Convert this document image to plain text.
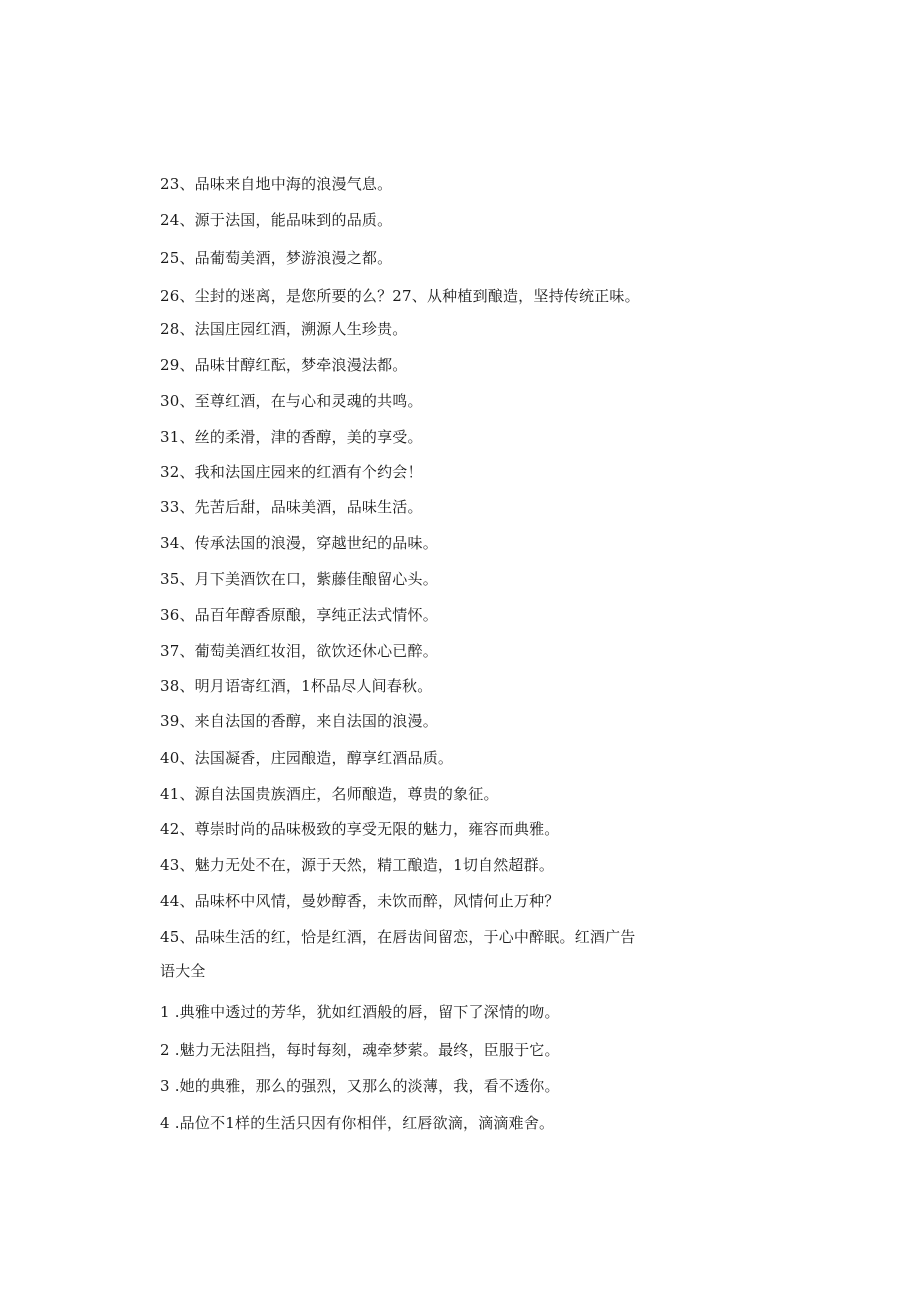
23、品味来自地中海的浪漫气息。
24、源于法国，能品味到的品质。
25、品葡萄美酒，梦游浪漫之都。
26、尘封的迷离，是您所要的么？27、从种植到酿造，坚持传统正味。
28、法国庄园红酒，溯源人生珍贵。
29、品味甘醇红酝，梦牵浪漫法都。
30、至尊红酒，在与心和灵魂的共鸣。
31、丝的柔滑，津的香醇，美的享受。
32、我和法国庄园来的红酒有个约会！
33、先苦后甜，品味美酒，品味生活。
34、传承法国的浪漫，穿越世纪的品味。
35、月下美酒饮在口，紫藤佳酿留心头。
36、品百年醇香原酿，享纯正法式情怀。
37、葡萄美酒红妆泪，欲饮还休心已醉。
38、明月语寄红酒，1杯品尽人间春秋。
39、来自法国的香醇，来自法国的浪漫。
40、法国凝香，庄园酿造，醇享红酒品质。
41、源自法国贵族酒庄，名师酿造，尊贵的象征。
42、尊崇时尚的品味极致的享受无限的魅力，雍容而典雅。
43、魅力无处不在，源于天然，精工酿造，1切自然超群。
44、品味杯中风情，曼妙醇香，未饮而醉，风情何止万种？
45、品味生活的红，恰是红酒，在唇齿间留恋，于心中醉眠。红酒广告
语大全
1 .典雅中透过的芳华，犹如红酒般的唇，留下了深情的吻。
2 .魅力无法阻挡，每时每刻，魂牵梦萦。最终，臣服于它。
3 .她的典雅，那么的强烈，又那么的淡薄，我，看不透你。
4 .品位不1样的生活只因有你相伴，红唇欲滴，滴滴难舍。
